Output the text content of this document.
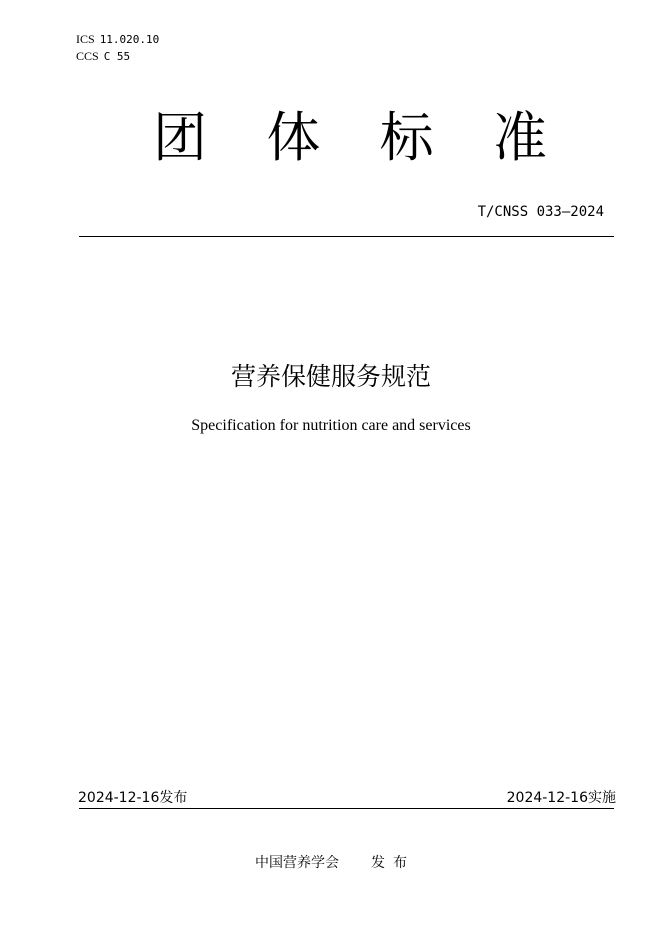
ICS 11.020.10
CCS C 55
团 体 标 准
T/CNSS 033—2024
营养保健服务规范
Specification for nutrition care and services
2024-12-16发布	2024-12-16实施
中国营养学会 发布
